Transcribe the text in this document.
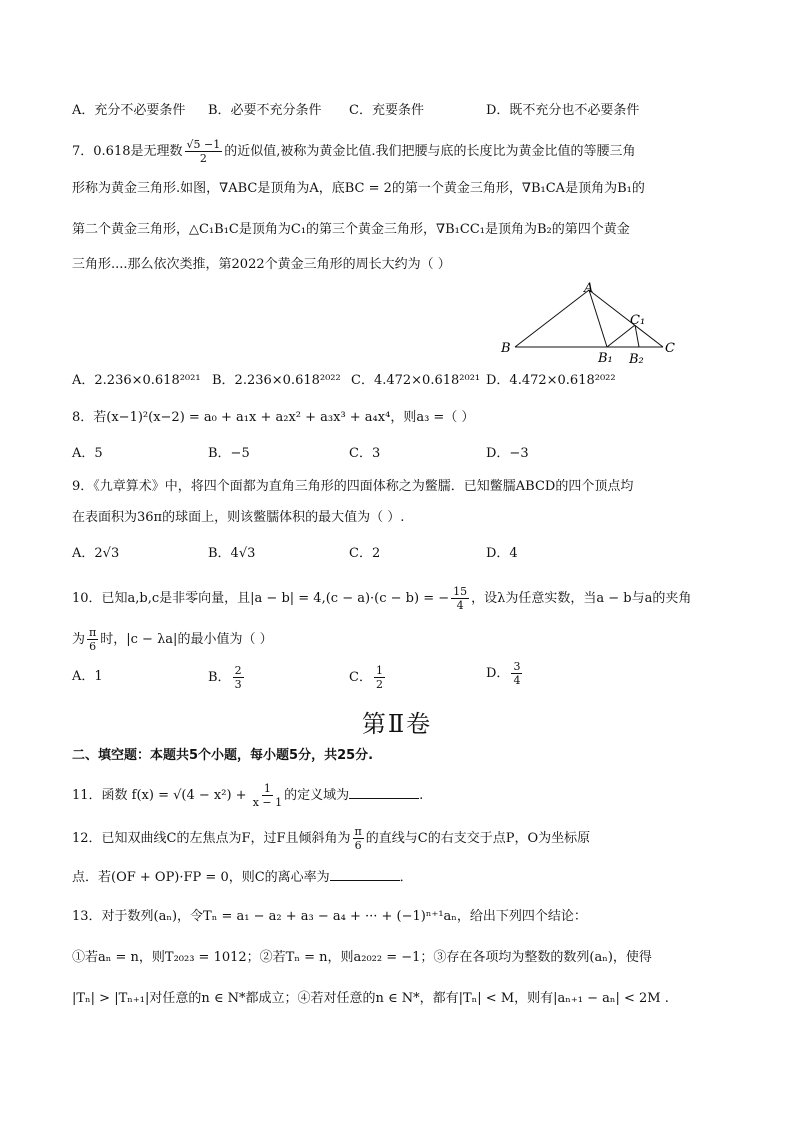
A．充分不必要条件 B．必要不充分条件 C．充要条件	D．既不充分也不必要条件
7．0.618是无理数 $\frac{√5 -1}{2}$ 的近似值,被称为黄金比值.我们把腰与底的长度比为黄金比值的等腰三角
形称为黄金三角形.如图，∇ABC是顶角为A，底BC = 2的第一个黄金三角形，∇B₁CA是顶角为B₁的
第二个黄金三角形，△C₁B₁C是顶角为C₁的第三个黄金三角形，∇B₁CC₁是顶角为B₂的第四个黄金
三角形....那么依次类推，第2022个黄金三角形的周长大约为（ ）
A
B	C
B₁ B₂
C₁
A．2.236×0.618²⁰²¹ B．2.236×0.618²⁰²² C．4.472×0.618²⁰²¹ D．4.472×0.618²⁰²²
8．若(x−1)²(x−2) = a₀ + a₁x + a₂x² + a₃x³ + a₄x⁴，则a₃ =（ ）
A．5	B．−5	C．3	D．−3
9．《九章算术》中，将四个面都为直角三角形的四面体称之为鳖臑．已知鳖臑ABCD的四个顶点均
在表面积为36π的球面上，则该鳖臑体积的最大值为（ ）.
A．2√3	B．4√3	C．2	D．4
10．已知a,b,c是非零向量，且|a − b| = 4,(c − a)·(c − b) = − $\frac{15}{4}$ ，设λ为任意实数，当a − b与a的夹角
为 $\frac{\pi}{6}$ 时，|c − λa|的最小值为（ ）
A．1	B． $\frac{2}{3}$	C． $\frac{1}{2}$	D． $\frac{3}{4}$
第Ⅱ卷
二、填空题：本题共5个小题，每小题5分，共25分.
11．函数 $f(x) = √(4 - x^2) + \frac{1}{x - 1}$ 的定义域为	.
12．已知双曲线C的左焦点为F，过F且倾斜角为 $\frac{\pi}{6}$ 的直线与C的右支交于点P，O为坐标原
点．若(OF + OP)·FP = 0，则C的离心率为	．
13．对于数列(aₙ)，令Tₙ = a₁ − a₂ + a₃ − a₄ + ··· + (−1)ⁿ⁺¹aₙ，给出下列四个结论：
①若aₙ = n，则T₂₀₂₃ = 1012；②若Tₙ = n，则a₂₀₂₂ = −1；③存在各项均为整数的数列(aₙ)，使得
|Tₙ| > |Tₙ₊₁|对任意的n ∈ N*都成立；④若对任意的n ∈ N*，都有|Tₙ| < M，则有|aₙ₊₁ − aₙ| < 2M .
